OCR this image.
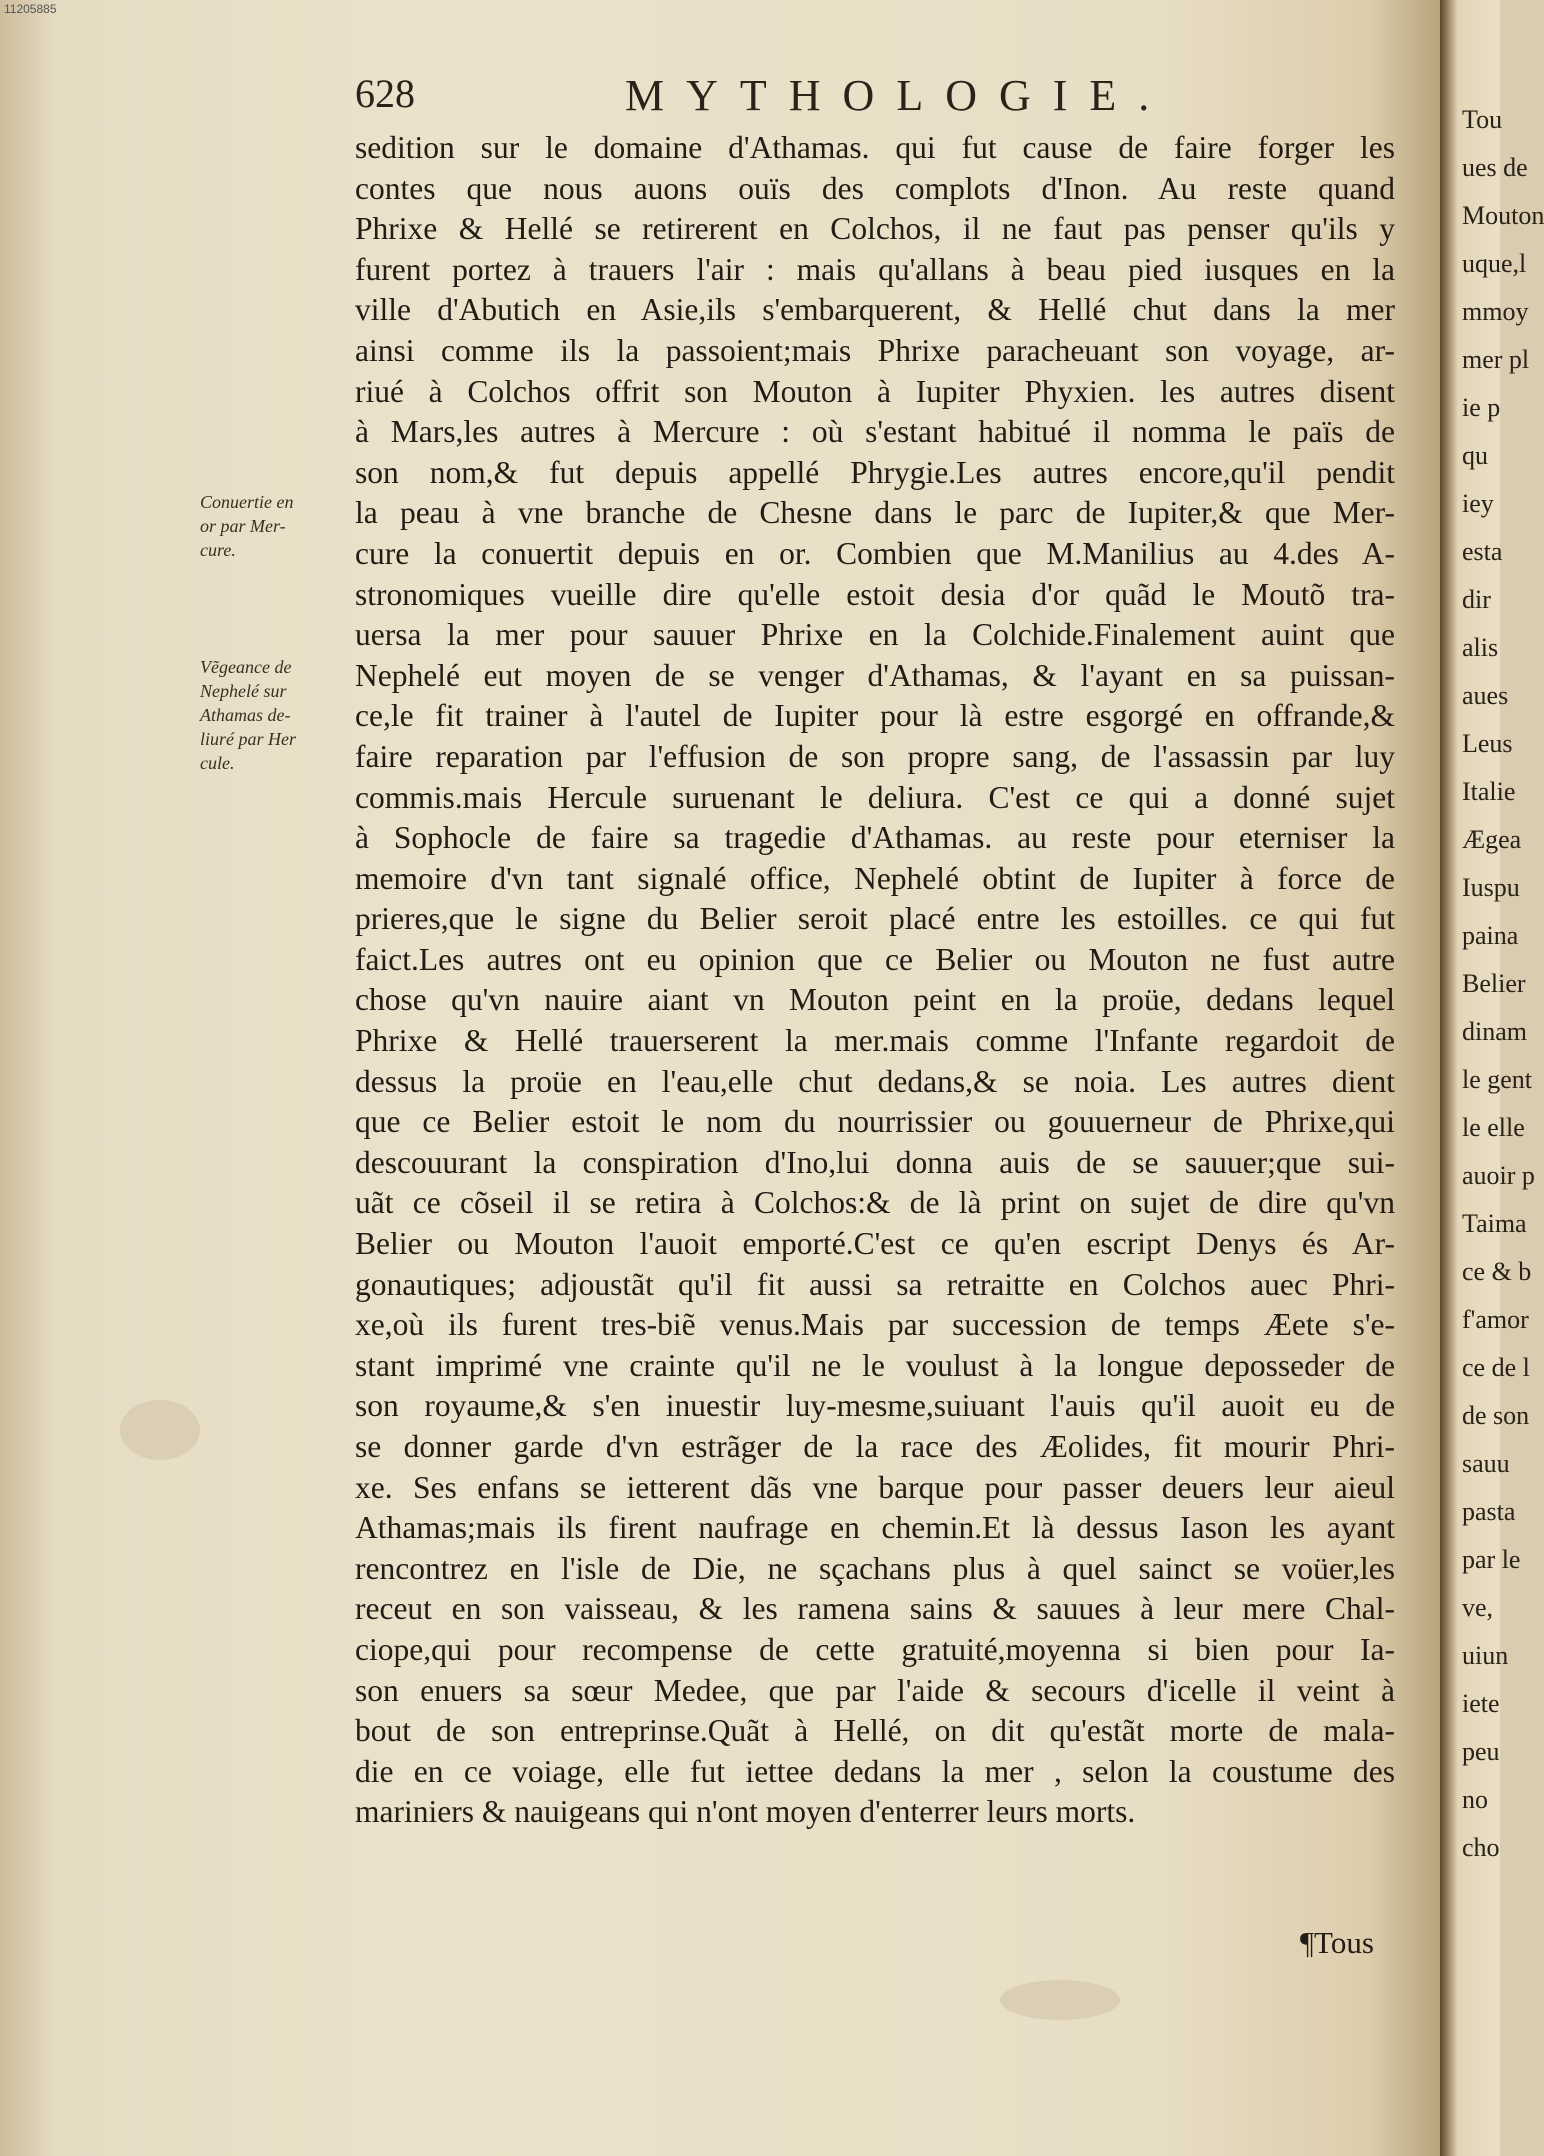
11205885
628	MYTHOLOGIE.
Conuertie en
or par Mer-
cure.
Vẽgeance de
Nephelé sur
Athamas de-
liuré par Her
cule.
sedition sur le domaine d'Athamas. qui fut cause de faire forger les
contes que nous auons ouïs des complots d'Inon. Au reste quand
Phrixe & Hellé se retirerent en Colchos, il ne faut pas penser qu'ils y
furent portez à trauers l'air : mais qu'allans à beau pied iusques en la
ville d'Abutich en Asie,ils s'embarquerent, & Hellé chut dans la mer
ainsi comme ils la passoient;mais Phrixe paracheuant son voyage, ar-
riué à Colchos offrit son Mouton à Iupiter Phyxien. les autres disent
à Mars,les autres à Mercure : où s'estant habitué il nomma le païs de
son nom,& fut depuis appellé Phrygie.Les autres encore,qu'il pendit
la peau à vne branche de Chesne dans le parc de Iupiter,& que Mer-
cure la conuertit depuis en or. Combien que M.Manilius au 4.des A-
stronomiques vueille dire qu'elle estoit desia d'or quãd le Moutõ tra-
uersa la mer pour sauuer Phrixe en la Colchide.Finalement auint que
Nephelé eut moyen de se venger d'Athamas, & l'ayant en sa puissan-
ce,le fit trainer à l'autel de Iupiter pour là estre esgorgé en offrande,&
faire reparation par l'effusion de son propre sang, de l'assassin par luy
commis.mais Hercule suruenant le deliura. C'est ce qui a donné sujet
à Sophocle de faire sa tragedie d'Athamas. au reste pour eterniser la
memoire d'vn tant signalé office, Nephelé obtint de Iupiter à force de
prieres,que le signe du Belier seroit placé entre les estoilles. ce qui fut
faict.Les autres ont eu opinion que ce Belier ou Mouton ne fust autre
chose qu'vn nauire aiant vn Mouton peint en la proüe, dedans lequel
Phrixe & Hellé trauerserent la mer.mais comme l'Infante regardoit de
dessus la proüe en l'eau,elle chut dedans,& se noia. Les autres dient
que ce Belier estoit le nom du nourrissier ou gouuerneur de Phrixe,qui
descouurant la conspiration d'Ino,lui donna auis de se sauuer;que sui-
uãt ce cõseil il se retira à Colchos:& de là print on sujet de dire qu'vn
Belier ou Mouton l'auoit emporté.C'est ce qu'en escript Denys és Ar-
gonautiques; adjoustãt qu'il fit aussi sa retraitte en Colchos auec Phri-
xe,où ils furent tres-biẽ venus.Mais par succession de temps Æete s'e-
stant imprimé vne crainte qu'il ne le voulust à la longue deposseder de
son royaume,& s'en inuestir luy-mesme,suiuant l'auis qu'il auoit eu de
se donner garde d'vn estrãger de la race des Æolides, fit mourir Phri-
xe. Ses enfans se ietterent dãs vne barque pour passer deuers leur aieul
Athamas;mais ils firent naufrage en chemin.Et là dessus Iason les ayant
rencontrez en l'isle de Die, ne sçachans plus à quel sainct se voüer,les
receut en son vaisseau, & les ramena sains & sauues à leur mere Chal-
ciope,qui pour recompense de cette gratuité,moyenna si bien pour Ia-
son enuers sa sœur Medee, que par l'aide & secours d'icelle il veint à
bout de son entreprinse.Quãt à Hellé, on dit qu'estãt morte de mala-
die en ce voiage, elle fut iettee dedans la mer , selon la coustume des
mariniers & nauigeans qui n'ont moyen d'enterrer leurs morts.
¶Tous
Tou
ues de
Mouton
uque,l
mmoy
mer pl
ie p
qu
iey
esta
dir
alis
aues
Leus
Italie
Ægea
Iuspu
paina
Belier
dinam
le gent
le elle
auoir p
Taima
ce & b
f'amor
ce de l
de son
sauu
pasta
par le
ve,
uiun
iete
peu
no
cho
